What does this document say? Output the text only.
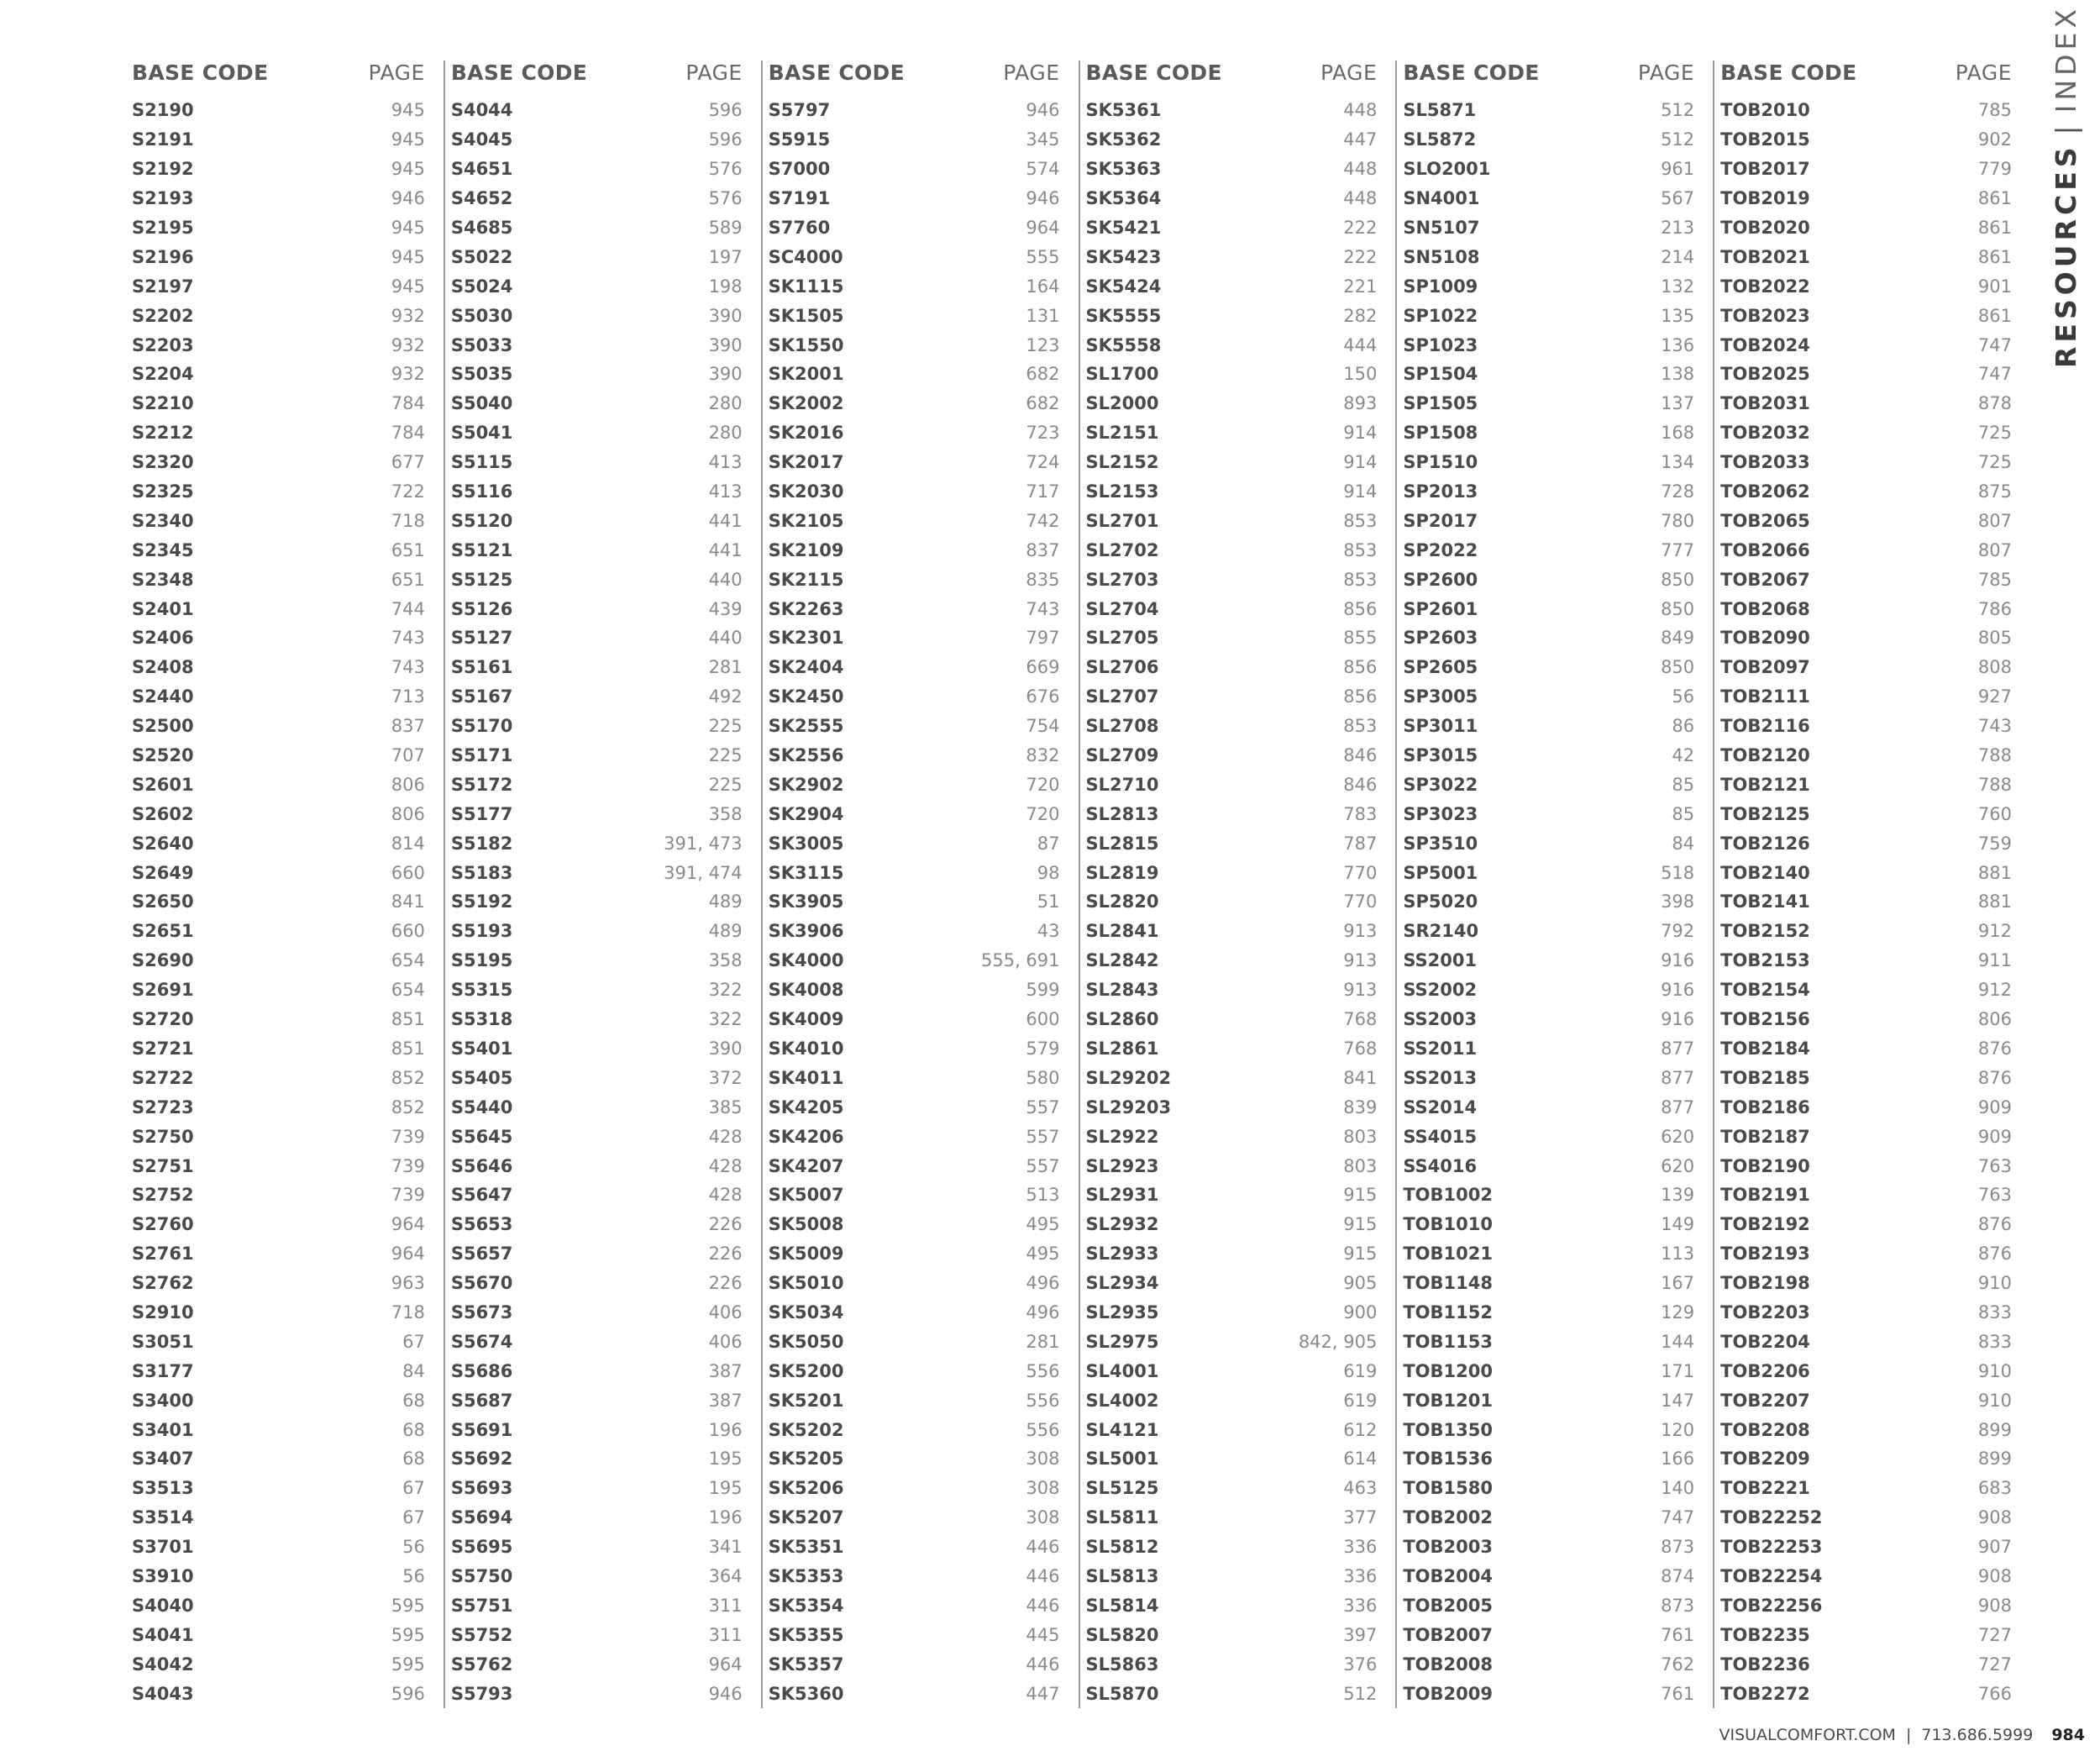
BASE CODE	PAGE
S2190	945
S2191	945
S2192	945
S2193	946
S2195	945
S2196	945
S2197	945
S2202	932
S2203	932
S2204	932
S2210	784
S2212	784
S2320	677
S2325	722
S2340	718
S2345	651
S2348	651
S2401	744
S2406	743
S2408	743
S2440	713
S2500	837
S2520	707
S2601	806
S2602	806
S2640	814
S2649	660
S2650	841
S2651	660
S2690	654
S2691	654
S2720	851
S2721	851
S2722	852
S2723	852
S2750	739
S2751	739
S2752	739
S2760	964
S2761	964
S2762	963
S2910	718
S3051	67
S3177	84
S3400	68
S3401	68
S3407	68
S3513	67
S3514	67
S3701	56
S3910	56
S4040	595
S4041	595
S4042	595
S4043	596
BASE CODE	PAGE
S4044	596
S4045	596
S4651	576
S4652	576
S4685	589
S5022	197
S5024	198
S5030	390
S5033	390
S5035	390
S5040	280
S5041	280
S5115	413
S5116	413
S5120	441
S5121	441
S5125	440
S5126	439
S5127	440
S5161	281
S5167	492
S5170	225
S5171	225
S5172	225
S5177	358
S5182	391, 473
S5183	391, 474
S5192	489
S5193	489
S5195	358
S5315	322
S5318	322
S5401	390
S5405	372
S5440	385
S5645	428
S5646	428
S5647	428
S5653	226
S5657	226
S5670	226
S5673	406
S5674	406
S5686	387
S5687	387
S5691	196
S5692	195
S5693	195
S5694	196
S5695	341
S5750	364
S5751	311
S5752	311
S5762	964
S5793	946
BASE CODE	PAGE
S5797	946
S5915	345
S7000	574
S7191	946
S7760	964
SC4000	555
SK1115	164
SK1505	131
SK1550	123
SK2001	682
SK2002	682
SK2016	723
SK2017	724
SK2030	717
SK2105	742
SK2109	837
SK2115	835
SK2263	743
SK2301	797
SK2404	669
SK2450	676
SK2555	754
SK2556	832
SK2902	720
SK2904	720
SK3005	87
SK3115	98
SK3905	51
SK3906	43
SK4000	555, 691
SK4008	599
SK4009	600
SK4010	579
SK4011	580
SK4205	557
SK4206	557
SK4207	557
SK5007	513
SK5008	495
SK5009	495
SK5010	496
SK5034	496
SK5050	281
SK5200	556
SK5201	556
SK5202	556
SK5205	308
SK5206	308
SK5207	308
SK5351	446
SK5353	446
SK5354	446
SK5355	445
SK5357	446
SK5360	447
BASE CODE	PAGE
SK5361	448
SK5362	447
SK5363	448
SK5364	448
SK5421	222
SK5423	222
SK5424	221
SK5555	282
SK5558	444
SL1700	150
SL2000	893
SL2151	914
SL2152	914
SL2153	914
SL2701	853
SL2702	853
SL2703	853
SL2704	856
SL2705	855
SL2706	856
SL2707	856
SL2708	853
SL2709	846
SL2710	846
SL2813	783
SL2815	787
SL2819	770
SL2820	770
SL2841	913
SL2842	913
SL2843	913
SL2860	768
SL2861	768
SL29202	841
SL29203	839
SL2922	803
SL2923	803
SL2931	915
SL2932	915
SL2933	915
SL2934	905
SL2935	900
SL2975	842, 905
SL4001	619
SL4002	619
SL4121	612
SL5001	614
SL5125	463
SL5811	377
SL5812	336
SL5813	336
SL5814	336
SL5820	397
SL5863	376
SL5870	512
BASE CODE	PAGE
SL5871	512
SL5872	512
SLO2001	961
SN4001	567
SN5107	213
SN5108	214
SP1009	132
SP1022	135
SP1023	136
SP1504	138
SP1505	137
SP1508	168
SP1510	134
SP2013	728
SP2017	780
SP2022	777
SP2600	850
SP2601	850
SP2603	849
SP2605	850
SP3005	56
SP3011	86
SP3015	42
SP3022	85
SP3023	85
SP3510	84
SP5001	518
SP5020	398
SR2140	792
SS2001	916
SS2002	916
SS2003	916
SS2011	877
SS2013	877
SS2014	877
SS4015	620
SS4016	620
TOB1002	139
TOB1010	149
TOB1021	113
TOB1148	167
TOB1152	129
TOB1153	144
TOB1200	171
TOB1201	147
TOB1350	120
TOB1536	166
TOB1580	140
TOB2002	747
TOB2003	873
TOB2004	874
TOB2005	873
TOB2007	761
TOB2008	762
TOB2009	761
BASE CODE	PAGE
TOB2010	785
TOB2015	902
TOB2017	779
TOB2019	861
TOB2020	861
TOB2021	861
TOB2022	901
TOB2023	861
TOB2024	747
TOB2025	747
TOB2031	878
TOB2032	725
TOB2033	725
TOB2062	875
TOB2065	807
TOB2066	807
TOB2067	785
TOB2068	786
TOB2090	805
TOB2097	808
TOB2111	927
TOB2116	743
TOB2120	788
TOB2121	788
TOB2125	760
TOB2126	759
TOB2140	881
TOB2141	881
TOB2152	912
TOB2153	911
TOB2154	912
TOB2156	806
TOB2184	876
TOB2185	876
TOB2186	909
TOB2187	909
TOB2190	763
TOB2191	763
TOB2192	876
TOB2193	876
TOB2198	910
TOB2203	833
TOB2204	833
TOB2206	910
TOB2207	910
TOB2208	899
TOB2209	899
TOB2221	683
TOB22252	908
TOB22253	907
TOB22254	908
TOB22256	908
TOB2235	727
TOB2236	727
TOB2272	766
RESOURCES|INDEX
VISUALCOMFORT.COM | 713.686.5999 984
